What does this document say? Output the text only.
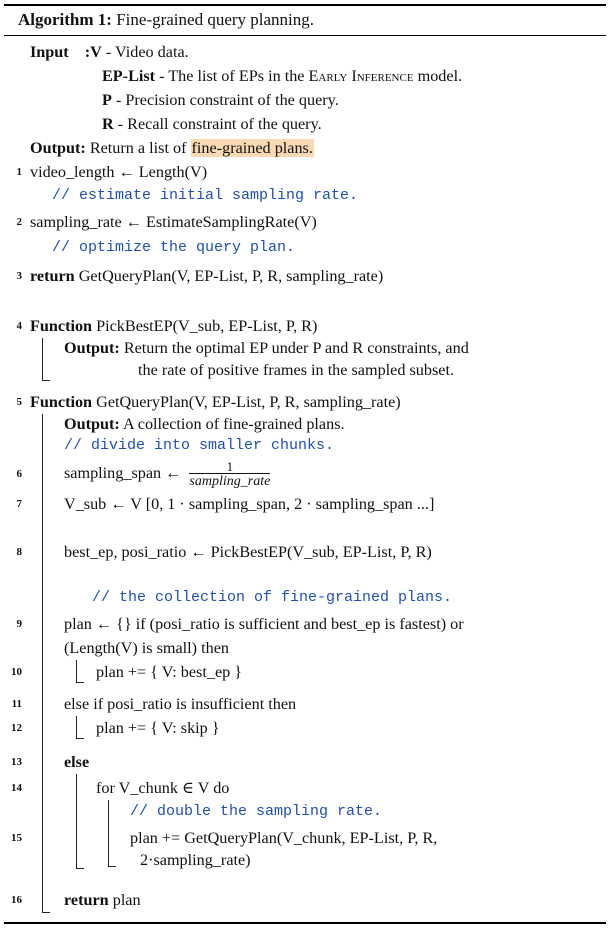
Algorithm 1: Fine-grained query planning.
Input :V - Video data.
EP-List - The list of EPs in the Early Inference model.
P - Precision constraint of the query.
R - Recall constraint of the query.
Output: Return a list of fine-grained plans.
1 video_length ← Length(V)
// estimate initial sampling rate.
2 sampling_rate ← EstimateSamplingRate(V)
// optimize the query plan.
3 return GetQueryPlan(V, EP-List, P, R, sampling_rate)
4 Function PickBestEP(V_sub, EP-List, P, R)
Output: Return the optimal EP under P and R constraints, and
the rate of positive frames in the sampled subset.
5 Function GetQueryPlan(V, EP-List, P, R, sampling_rate)
Output: A collection of fine-grained plans.
// divide into smaller chunks.
6	sampling_span ← $\frac{1}{\text{sampling\_rate}}$
7	V_sub ← V [0, 1 · sampling_span, 2 · sampling_span ...]
8	best_ep, posi_ratio ← PickBestEP(V_sub, EP-List, P, R)
// the collection of fine-grained plans.
9	plan ← {} if (posi_ratio is sufficient and best_ep is fastest) or
(Length(V) is small) then
10	plan += { V: best_ep }
11	else if posi_ratio is insufficient then
12	plan += { V: skip }
13	else
14	for V_chunk ∈ V do
// double the sampling rate.
15	plan += GetQueryPlan(V_chunk, EP-List, P, R,
2·sampling_rate)
16	return plan
